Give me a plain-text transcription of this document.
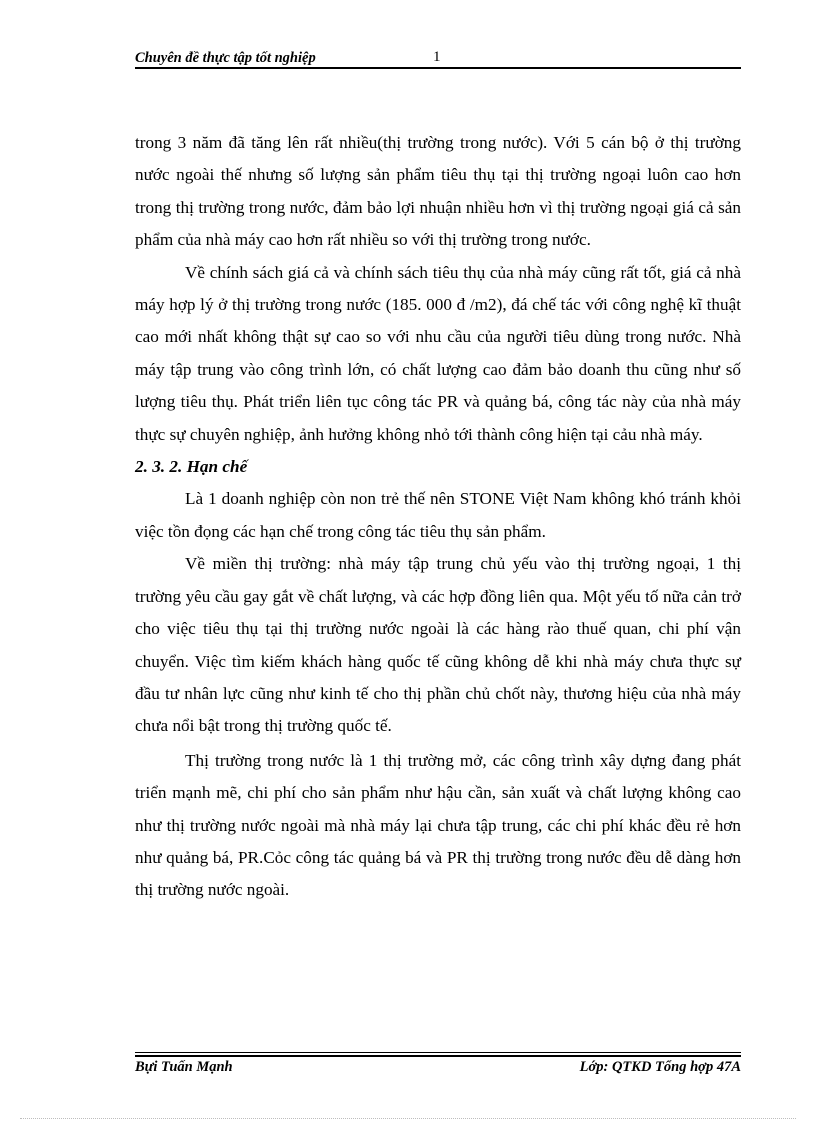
Chuyên đề thực tập tốt nghiệp	1

trong 3 năm đã tăng lên rất nhiều(thị trường trong nước). Với 5 cán bộ ở thị trường nước ngoài thế nhưng số lượng sản phẩm tiêu thụ tại thị trường ngoại luôn cao hơn trong thị trường trong nước, đảm bảo lợi nhuận nhiều hơn vì thị trường ngoại giá cả sản phẩm của nhà máy cao hơn rất nhiều so với thị trường trong nước.

Về chính sách giá cả và chính sách tiêu thụ của nhà máy cũng rất tốt, giá cả nhà máy hợp lý ở thị trường trong nước (185. 000 đ /m2), đá chế tác với công nghệ kĩ thuật cao mới nhất không thật sự cao so với nhu cầu của người tiêu dùng trong nước. Nhà máy tập trung vào công trình lớn, có chất lượng cao đảm bảo doanh thu cũng như số lượng tiêu thụ. Phát triển liên tục công tác PR và quảng bá, công tác này của nhà máy thực sự chuyên nghiệp, ảnh hưởng không nhỏ tới thành công hiện tại cảu nhà máy.

2. 3. 2. Hạn chế

Là 1 doanh nghiệp còn non trẻ thế nên STONE Việt Nam không khó tránh khỏi việc tồn đọng các hạn chế trong công tác tiêu thụ sản phẩm.

Về miền thị trường: nhà máy tập trung chủ yếu vào thị trường ngoại, 1 thị trường yêu cầu gay gắt về chất lượng, và các hợp đồng liên qua. Một yếu tố nữa cản trở cho việc tiêu thụ tại thị trường nước ngoài là các hàng rào thuế quan, chi phí vận chuyển. Việc tìm kiếm khách hàng quốc tế cũng không dễ khi nhà máy chưa thực sự đầu tư nhân lực cũng như kinh tế cho thị phần chủ chốt này, thương hiệu của nhà máy chưa nổi bật trong thị trường quốc tế.

Thị trường trong nước là 1 thị trường mở, các công trình xây dựng đang phát triển mạnh mẽ, chi phí cho sản phẩm như hậu cần, sản xuất và chất lượng không cao như thị trường nước ngoài mà nhà máy lại chưa tập trung, các chi phí khác đều rẻ hơn như quảng bá, PR.Cỏc công tác quảng bá và PR thị trường trong nước đều dễ dàng hơn thị trường nước ngoài.

Bựi Tuấn Mạnh	Lớp: QTKD Tổng hợp 47A
